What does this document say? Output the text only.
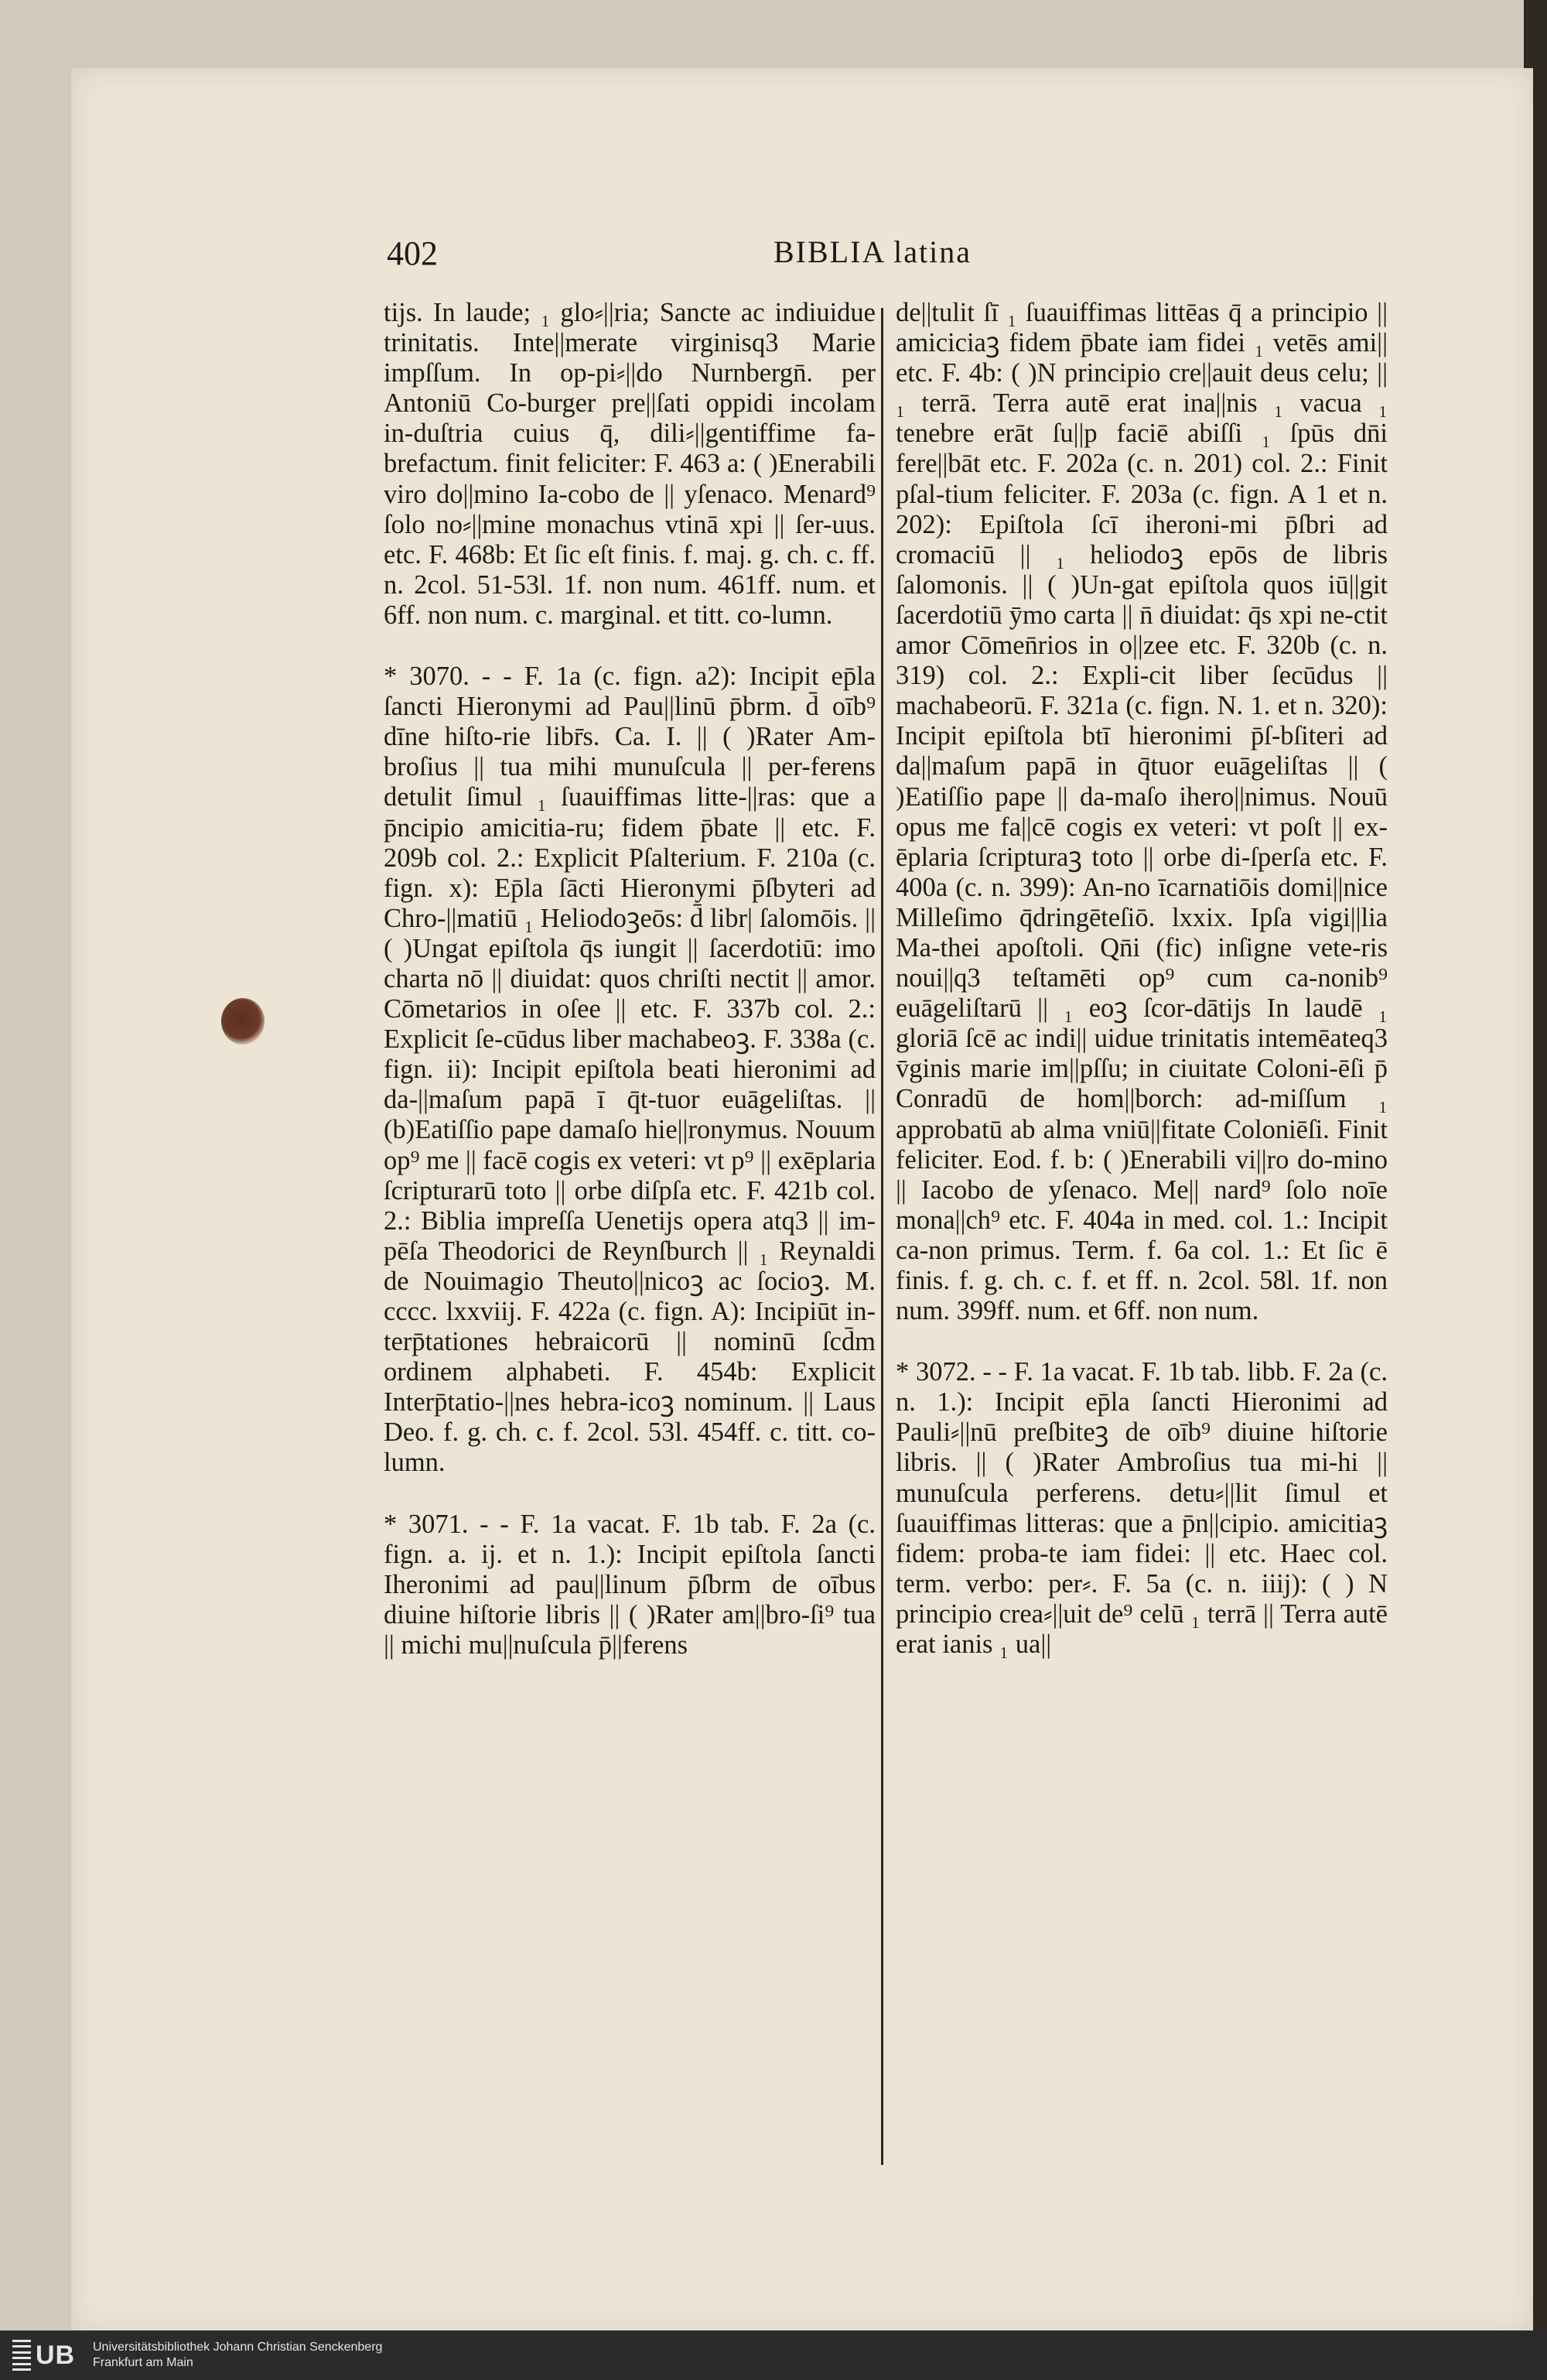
402	BIBLIA latina

tijs. In laude; ₁ glo⸗||ria; Sancte ac indiuidue trinitatis. Inte||merate virginisq3 Marie impſſum. In op-pi⸗||do Nurnbergn̄. per Antoniū Co-burger pre||ſati oppidi incolam in-duſtria cuius q̄, dili⸗||gentiffime fa-brefactum. finit feliciter: F. 463 a: ( )Enerabili viro do||mino Ia-cobo de || yſenaco. Menard⁹ ſolo no⸗||mine monachus vtinā xpi || ſer-uus. etc. F. 468b: Et ſic eſt finis. f. maj. g. ch. c. ff. n. 2col. 51-53l. 1f. non num. 461ff. num. et 6ff. non num. c. marginal. et titt. co-lumn.

* 3070. - - F. 1a (c. fign. a2): Incipit ep̄la ſancti Hieronymi ad Pau||linū p̄brm. d̄ oīb⁹ dīne hiſto-rie libr̄s. Ca. I. || ( )Rater Am-broſius || tua mihi munuſcula || per-ferens detulit ſimul ₁ ſuauiffimas litte-||ras: que a p̄ncipio amicitia-ru; fidem p̄bate || etc. F. 209b col. 2.: Explicit Pſalterium. F. 210a (c. fign. x): Ep̄la ſācti Hieronymi p̄ſbyteri ad Chro-||matiū ₁ Heliodoꝫeōs: d̄ libr| ſalomōis. || ( )Ungat epiſtola q̄s iungit || ſacerdotiū: imo charta nō || diuidat: quos chriſti nectit || amor. Cōmetarios in oſee || etc. F. 337b col. 2.: Explicit ſe-cūdus liber machabeoꝫ. F. 338a (c. fign. ii): Incipit epiſtola beati hieronimi ad da-||maſum papā ī q̄t-tuor euāgeliſtas. || (b)Eatiſſio pape damaſo hie||ronymus. Nouum op⁹ me || facē cogis ex veteri: vt p⁹ || exēplaria ſcripturarū toto || orbe diſpſa etc. F. 421b col. 2.: Biblia impreſſa Uenetijs opera atq3 || im-pēſa Theodorici de Reynſburch || ₁ Reynaldi de Nouimagio Theuto||nicoꝫ ac ſocioꝫ. M. cccc. lxxviij. F. 422a (c. fign. A): Incipiūt in-terp̄tationes hebraicorū || nominū ſcd̄m ordinem alphabeti. F. 454b: Explicit Interp̄tatio-||nes hebra-icoꝫ nominum. || Laus Deo. f. g. ch. c. f. 2col. 53l. 454ff. c. titt. co-lumn.

* 3071. - - F. 1a vacat. F. 1b tab. F. 2a (c. fign. a. ij. et n. 1.): Incipit epiſtola ſancti Iheronimi ad pau||linum p̄ſbrm de oībus diuine hiſtorie libris || ( )Rater am||bro-ſi⁹ tua || michi mu||nuſcula p̄||ferens

de||tulit ſī ₁ ſuauiffimas littēas q̄ a principio || amiciciaꝫ fidem p̄bate iam fidei ₁ vetēs ami|| etc. F. 4b: ( )N principio cre||auit deus celu; || ₁ terrā. Terra autē erat ina||nis ₁ vacua ₁ tenebre erāt ſu||p faciē abiſſi ₁ ſpūs dn̄i fere||bāt etc. F. 202a (c. n. 201) col. 2.: Finit pſal-tium feliciter. F. 203a (c. fign. A 1 et n. 202): Epiſtola ſcī iheroni-mi p̄ſbri ad cromaciū || ₁ heliodoꝫ epōs de libris ſalomonis. || ( )Un-gat epiſtola quos iū||git ſacerdotiū ȳmo carta || n̄ diuidat: q̄s xpi ne-ctit amor Cōmen̄rios in o||zee etc. F. 320b (c. n. 319) col. 2.: Expli-cit liber ſecūdus || machabeorū. F. 321a (c. fign. N. 1. et n. 320): Incipit epiſtola btī hieronimi p̄ſ-bſiteri ad da||maſum papā in q̄tuor euāgeliſtas || ( )Eatiſſio pape || da-maſo ihero||nimus. Nouū opus me fa||cē cogis ex veteri: vt poſt || ex-ēplaria ſcripturaꝫ toto || orbe di-ſperſa etc. F. 400a (c. n. 399): An-no īcarnatiōis domi||nice Milleſimo q̄dringēteſiō. lxxix. Ipſa vigi||lia Ma-thei apoſtoli. Qn̄i (fic) inſigne vete-ris noui||q3 teſtamēti op⁹ cum ca-nonib⁹ euāgeliſtarū || ₁ eoꝫ ſcor-dātijs In laudē ₁ gloriā ſcē ac indi|| uidue trinitatis intemēateq3 v̄ginis marie im||pſſu; in ciuitate Coloni-ēſi p̄ Conradū de hom||borch: ad-miſſum ₁ approbatū ab alma vniū||fitate Coloniēſi. Finit feliciter. Eod. f. b: ( )Enerabili vi||ro do-mino || Iacobo de yſenaco. Me|| nard⁹ ſolo noīe mona||ch⁹ etc. F. 404a in med. col. 1.: Incipit ca-non primus. Term. f. 6a col. 1.: Et ſic ē finis. f. g. ch. c. f. et ff. n. 2col. 58l. 1f. non num. 399ff. num. et 6ff. non num.

* 3072. - - F. 1a vacat. F. 1b tab. libb. F. 2a (c. n. 1.): Incipit ep̄la ſancti Hieronimi ad Pauli⸗||nū preſbiteꝫ de oīb⁹ diuine hiſtorie libris. || ( )Rater Ambroſius tua mi-hi || munuſcula perferens. detu⸗||lit ſimul et ſuauiffimas litteras: que a p̄n||cipio. amicitiaꝫ fidem: proba-te iam fidei: || etc. Haec col. term. verbo: per⸗. F. 5a (c. n. iiij): ( ) N principio crea⸗||uit de⁹ celū ₁ terrā || Terra autē erat ianis ₁ ua||

UB Universitätsbibliothek Johann Christian Senckenberg
Frankfurt am Main
